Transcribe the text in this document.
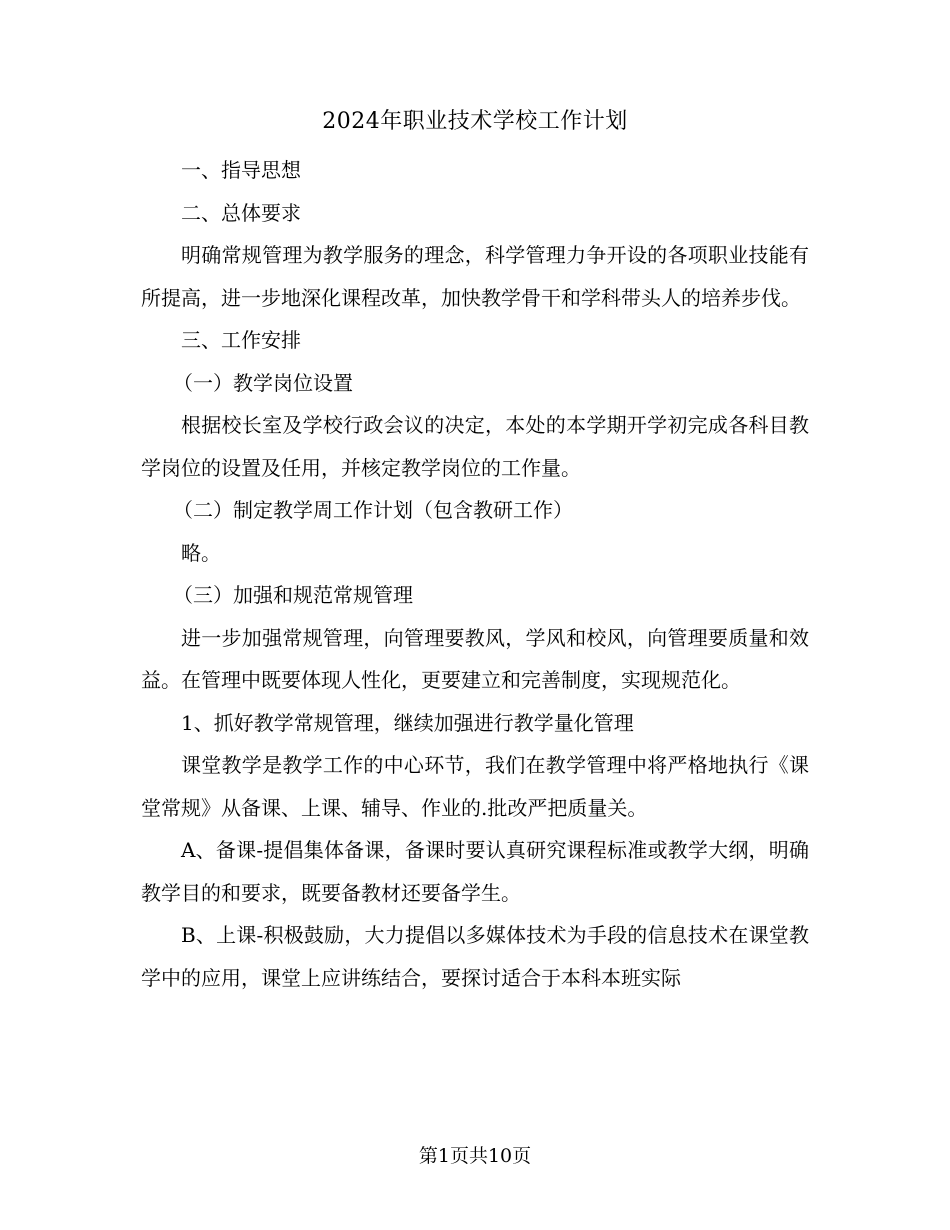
2024年职业技术学校工作计划

一、指导思想

二、总体要求

明确常规管理为教学服务的理念，科学管理力争开设的各项职业技能有所提高，进一步地深化课程改革，加快教学骨干和学科带头人的培养步伐。

三、工作安排

（一）教学岗位设置

根据校长室及学校行政会议的决定，本处的本学期开学初完成各科目教学岗位的设置及任用，并核定教学岗位的工作量。

（二）制定教学周工作计划（包含教研工作）

略。

（三）加强和规范常规管理

进一步加强常规管理，向管理要教风，学风和校风，向管理要质量和效益。在管理中既要体现人性化，更要建立和完善制度，实现规范化。

1、抓好教学常规管理，继续加强进行教学量化管理

课堂教学是教学工作的中心环节，我们在教学管理中将严格地执行《课堂常规》从备课、上课、辅导、作业的.批改严把质量关。

A、备课-提倡集体备课，备课时要认真研究课程标准或教学大纲，明确教学目的和要求，既要备教材还要备学生。

B、上课-积极鼓励，大力提倡以多媒体技术为手段的信息技术在课堂教学中的应用，课堂上应讲练结合，要探讨适合于本科本班实际

第1页共10页
